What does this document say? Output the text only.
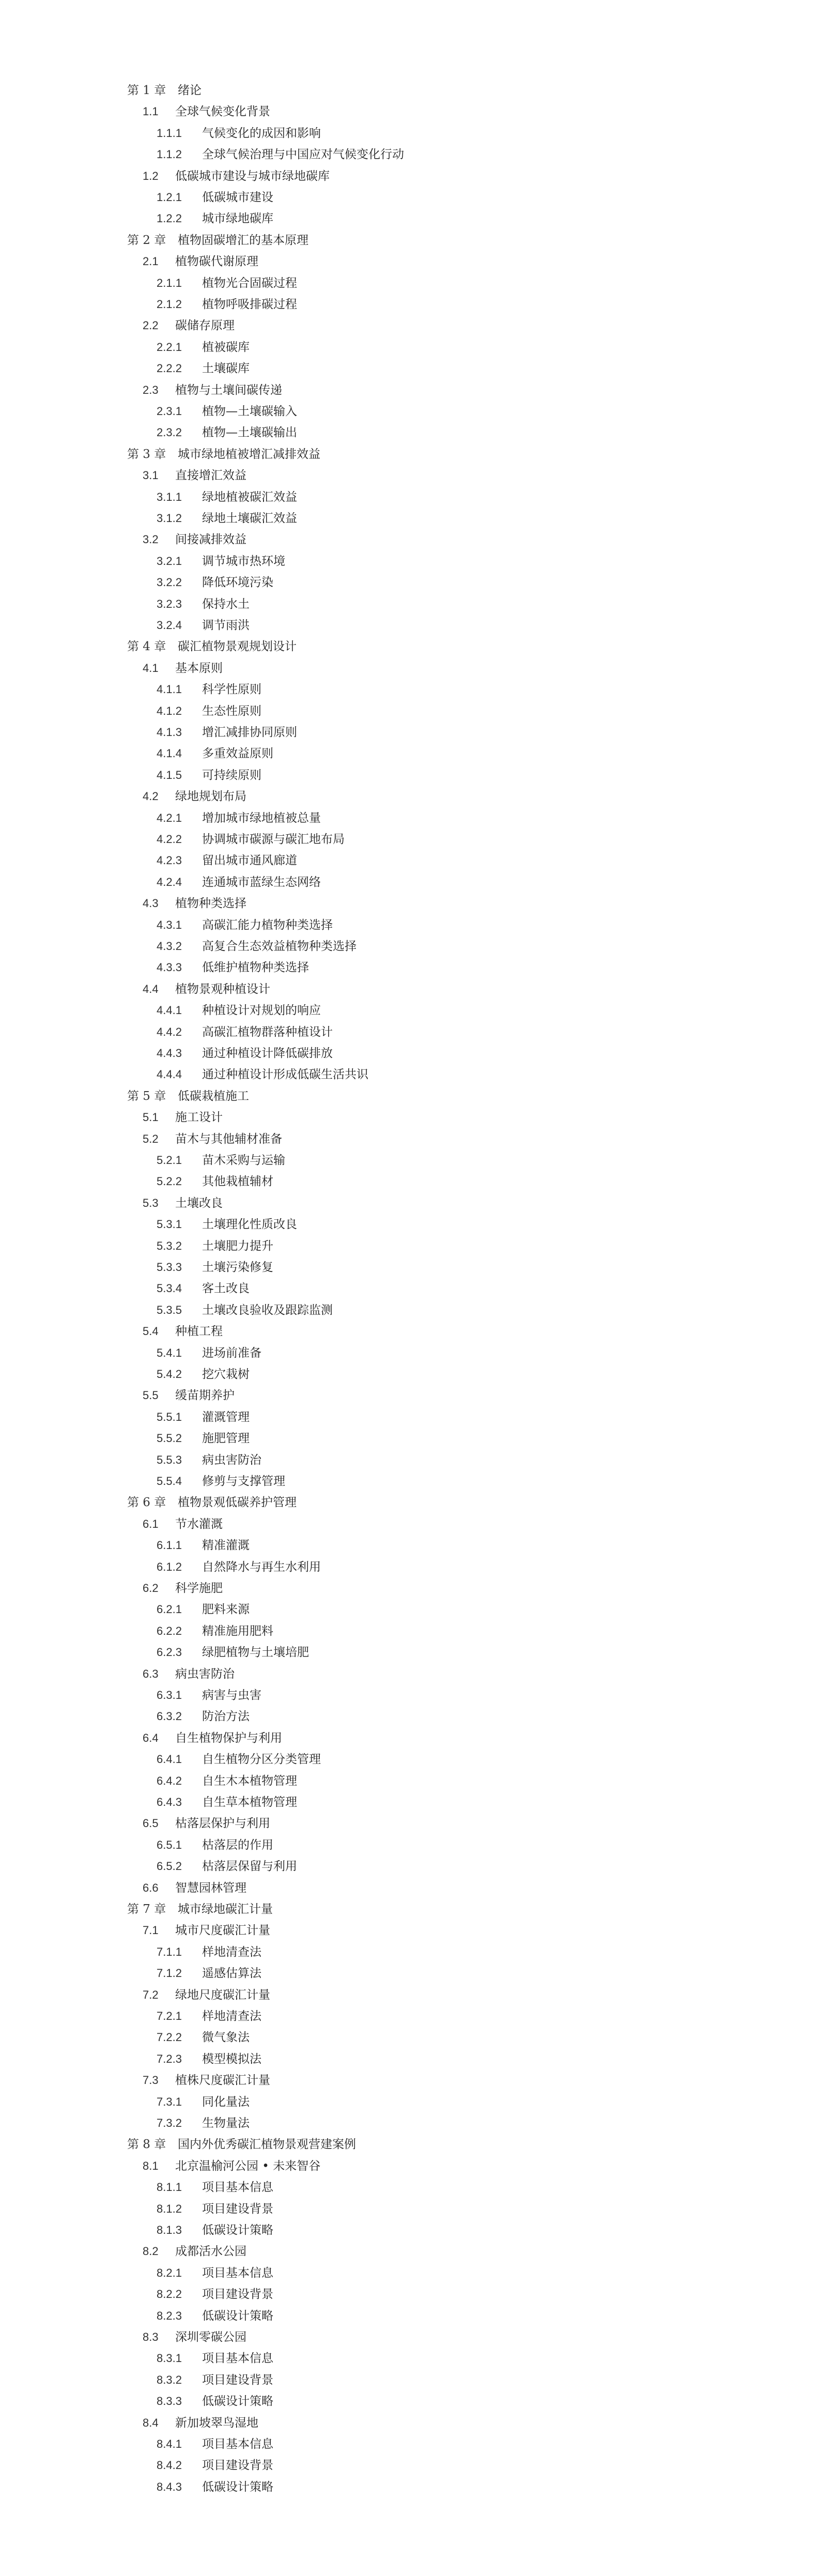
第 1 章 绪论
1.1 全球气候变化背景
1.1.1 气候变化的成因和影响
1.1.2 全球气候治理与中国应对气候变化行动
1.2 低碳城市建设与城市绿地碳库
1.2.1 低碳城市建设
1.2.2 城市绿地碳库
第 2 章 植物固碳增汇的基本原理
2.1 植物碳代谢原理
2.1.1 植物光合固碳过程
2.1.2 植物呼吸排碳过程
2.2 碳储存原理
2.2.1 植被碳库
2.2.2 土壤碳库
2.3 植物与土壤间碳传递
2.3.1 植物—土壤碳输入
2.3.2 植物—土壤碳输出
第 3 章 城市绿地植被增汇减排效益
3.1 直接增汇效益
3.1.1 绿地植被碳汇效益
3.1.2 绿地土壤碳汇效益
3.2 间接减排效益
3.2.1 调节城市热环境
3.2.2 降低环境污染
3.2.3 保持水土
3.2.4 调节雨洪
第 4 章 碳汇植物景观规划设计
4.1 基本原则
4.1.1 科学性原则
4.1.2 生态性原则
4.1.3 增汇减排协同原则
4.1.4 多重效益原则
4.1.5 可持续原则
4.2 绿地规划布局
4.2.1 增加城市绿地植被总量
4.2.2 协调城市碳源与碳汇地布局
4.2.3 留出城市通风廊道
4.2.4 连通城市蓝绿生态网络
4.3 植物种类选择
4.3.1 高碳汇能力植物种类选择
4.3.2 高复合生态效益植物种类选择
4.3.3 低维护植物种类选择
4.4 植物景观种植设计
4.4.1 种植设计对规划的响应
4.4.2 高碳汇植物群落种植设计
4.4.3 通过种植设计降低碳排放
4.4.4 通过种植设计形成低碳生活共识
第 5 章 低碳栽植施工
5.1 施工设计
5.2 苗木与其他辅材准备
5.2.1 苗木采购与运输
5.2.2 其他栽植辅材
5.3 土壤改良
5.3.1 土壤理化性质改良
5.3.2 土壤肥力提升
5.3.3 土壤污染修复
5.3.4 客土改良
5.3.5 土壤改良验收及跟踪监测
5.4 种植工程
5.4.1 进场前准备
5.4.2 挖穴栽树
5.5 缓苗期养护
5.5.1 灌溉管理
5.5.2 施肥管理
5.5.3 病虫害防治
5.5.4 修剪与支撑管理
第 6 章 植物景观低碳养护管理
6.1 节水灌溉
6.1.1 精准灌溉
6.1.2 自然降水与再生水利用
6.2 科学施肥
6.2.1 肥料来源
6.2.2 精准施用肥料
6.2.3 绿肥植物与土壤培肥
6.3 病虫害防治
6.3.1 病害与虫害
6.3.2 防治方法
6.4 自生植物保护与利用
6.4.1 自生植物分区分类管理
6.4.2 自生木本植物管理
6.4.3 自生草本植物管理
6.5 枯落层保护与利用
6.5.1 枯落层的作用
6.5.2 枯落层保留与利用
6.6 智慧园林管理
第 7 章 城市绿地碳汇计量
7.1 城市尺度碳汇计量
7.1.1 样地清查法
7.1.2 遥感估算法
7.2 绿地尺度碳汇计量
7.2.1 样地清查法
7.2.2 微气象法
7.2.3 模型模拟法
7.3 植株尺度碳汇计量
7.3.1 同化量法
7.3.2 生物量法
第 8 章 国内外优秀碳汇植物景观营建案例
8.1 北京温榆河公园 • 未来智谷
8.1.1 项目基本信息
8.1.2 项目建设背景
8.1.3 低碳设计策略
8.2 成都活水公园
8.2.1 项目基本信息
8.2.2 项目建设背景
8.2.3 低碳设计策略
8.3 深圳零碳公园
8.3.1 项目基本信息
8.3.2 项目建设背景
8.3.3 低碳设计策略
8.4 新加坡翠鸟湿地
8.4.1 项目基本信息
8.4.2 项目建设背景
8.4.3 低碳设计策略
